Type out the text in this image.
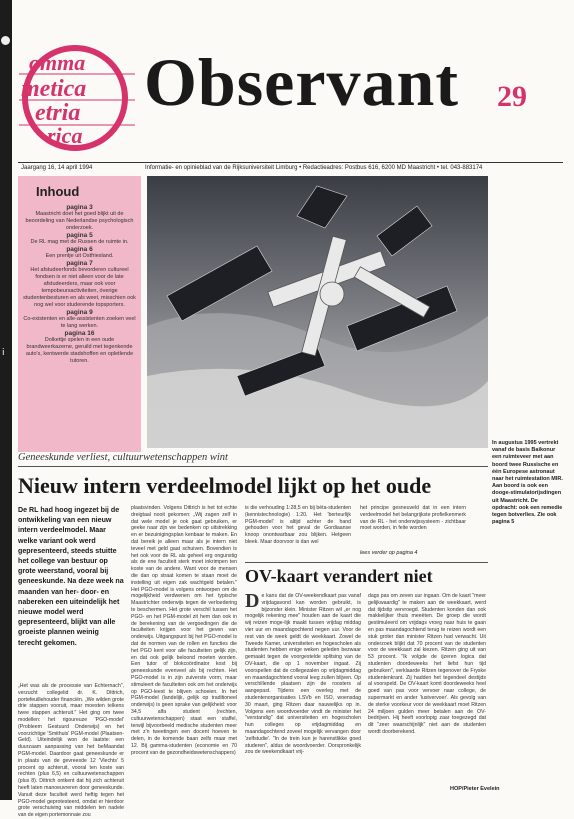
i
omma
metica
etria
rica
Observant 29
Jaargang 16, 14 april 1994	Informatie- en opinieblad van de Rijksuniversiteit Limburg • Redactieadres: Postbus 616, 6200 MD Maastricht • tel. 043-883174
Inhoud
pagina 3
Maastricht doet het goed blijkt uit de beoordeling van Nederlandse psychologisch onderzoek.
pagina 5
De RL mag met de Russen de ruimte in.
pagina 6
Een prentje uit Ostfriesland.
pagina 7
Het afstudeerfonds bevorderen cultureel fondsen is er niet alleen voor de late afstudeerders, maar ook voor tempobeursactiviteiten, óverige studentenbesturen en als weet, misschien ook nog wel voor studerende topsporters.
pagina 9
Co-existenten en alle-assistenten zoeken veel te lang werken.
pagina 16
Dolkettje spelen in een oude brandweerkazerne, geruild met tegenkende auto's, kentwerde stadshoffen en opletlende tutoren.
In augustus 1995 vertrekt vanaf de basis Baikonur een ruimteveer met aan boord twee Russische en één Europese astronaut naar het ruimtestation MIR. Aan boord is ook een dooge-stimulatorijsdingen uit Maastricht. De opdracht: ook een remedie tegen botverlies. Zie ook pagina 5
Geneeskunde verliest, cultuurwetenschappen wint
Nieuw intern verdeelmodel lijkt op het oude
De RL had hoog ingezet bij de ontwikkeling van een nieuw intern verdeelmodel. Maar welke variant ook werd gepresenteerd, steeds stuitte het college van bestuur op grote weerstand, vooral bij geneeskunde. Na deze week na maanden van her- door- en nabereken een uiteindelijk het nieuwe model werd gepresenteerd, blijkt van alle groeiste plannen weinig terecht gekomen.
„Het was als de processie van Echternach", verzucht collegelid dr. K. Dittrich, portefeuillehouder financiën. „We wilden grote drie stappen vooruit, maar moesten telkens twee stappen achteruit." Het ging om twee modellen: het rigoureuze 'PGO-model' (Probleem Gestuurd Onderwijs) en het voorzichtige 'Smithuis' PGM-model (Plaatsen-Geld). Uiteindelijk won de laatste: een duurzaam aanpassing van het beMaandat PGM-model. Daardoor gaat geneeskunde er in plaats van de gevreesde 12 'Vlechts' 5 procent op achteruit, vooral ten koste van rechten (plus 6,5) en cultuurwetenschappen (plus 8). Dittrich ontkent dat hij zich achteruit heeft laten manoeuvreren door geneeskunde. Vanuit deze faculteit werd heftig tegen het PGO-model geprotesteerd, omdat er hierdoor grote verschuiving van middelen ten nadele van de eigen portemonnaie zou
plaatsvinden. Volgens Dittrich is het tot echte dreigtaal nooit gekomen: „Wij zagen zelf in dat wele model je ook gaat gebruiken, er geeke naar zijn we bedenken op uitstrekking en er bezuinigingsplan kenbaar te maken. En dat bereik je alleen maar als je intern niet teveel met geld gaat schuiven. Bovendien is het ook voor de RL als geheel erg ongunstig als de ene faculteit sterk moet inkrimpen ten koste van de andere. Want voor de mensen die dan op straat komen te staan moet de instelling uit eigen zak wachtgeld betalen." Het PGO-model is volgens ontworpen om de mogelijkheid verdwenen om het typische Maastrichter onderwijs tegen de verloedering te beschermen. Het grote verschil tussen het PGO- en het PGM-model zit hem dan ook in de berekening van de vergoedingen die de faculteiten krijgen voor het geven van onderwijs. Uitgangspunt bij het PGO-model is dat de normen van de rollen en functies die het PGO kent voor alle faculteiten gelijk zijn, en dat ook gelijk beloond moeten worden. Een tutor of blokcoördinator kost bij geneeskunde evenveel als bij rechten. Het PGO-model is in zijn zuiverste vorm, maar stimuleert de faculteiten ook om het onderwijs op PGO-leest te blijven schoeien. In het PGM-model (landelijk, gelijk op traditioneel onderwijs) is geen sprake van gelijkheid: voor 34,5 alfa student (rechten, cultuurwetenschappen) staat een staffel, terwijl bijvoorbeeld medische studenten meer met z'n tweetingen een docent hoeven te delen, in de komende baan zelfs maar met 12. Bij gamma-studenten (economie en 70 procent van de gezondheidswetenschappers)
is die verhouding 1:28,5 en bij bèta-studenten (kennistechnologie) 1:20. Het 'berteurlijk PGM-model' is altijd achter de hand gehouden voor het geval de Gordiaanse knoop onontwarbaar zou blijken. Hetgeen bleek. Maar doorvoor is dan wel
het principe gesneuveld dat in een intern verdeelmodel het belangrijkste profielkenmerk van de RL - het onderwijssysteem - zichtbaar moet worden, in feite worden
lees verder op pagina 4
OV-kaart verandert niet
De kans dat de OV-weekendkaart pas vanaf vrijdagavond kan worden gebruikt, is bijzonder klein. Minister Ritzen wil „er nog mogelijk rekening mee" houden aan de kaart die wij reizen moge-lijk maakt tussen vrijdag middag vier uur en maandagochtend negen uur. Voor de rest van de week geldt de weekkaart. Zowel de Tweede Kamer, universiteiten en hogescholen als studenten hebben enige weken geleden bezwaar gemaakt tegen de voorgestelde splitsing van de OV-kaart, die op 1 november ingaat. Zij voorspellen dat de collegezalen op vrijdagmiddag en maandagochtend vooral leeg zullen blijven. Op verschillende plaatsen zijn de roosters al aangepast. Tijdens een overleg met de studentenorganisaties LSVb en ISO, woensdag 30 maart, ging Ritzen daar nauwelijks op in. Volgens een woordvoerder vindt de minister het "verstandig" dat universiteiten en hogescholen hun colleges op vrijdagmiddag en maandagochtend zoveel mogelijk vervangen door 'zelfstudie'. "In de trein kun je harenstlikke goed studeren", aldus de woordvoerder. Oorspronkelijk zou de weekendkaart vrij-
dags pas om zeven uur ingaan. Om de kaart "meer gelijkwaardig" te maken aan de weekkaart, werd dat tijdstip vervroegd. Studenten konden dan ook makkelijker thuis meeëten. De groep die wordt gestimuleerd om vrijdags vroeg naar huis te gaan en pas maandagochtend terug te reizen wordt een stuk groter dan minister Ritzen had verwacht. Uit onderzoek blijkt dat 70 procent van de studenten voor de weekkaart zal kiezen. Ritzen ging uit van 53 procent. "Ik volgde de ijzeren logica dat studenten doordeweeks het liefst hun tijd gebruiken", verklaarde Ritzen tegenover de Fryske studentenkrant. Zij hadden het tegendeel destijds al voorspeld. De OV-kaart komt doordeweeks heel goed van pas voor vervoer naar college, de supermarkt en ander 'lustvervoer'. Als gevolg van de sterke voorkeur voor de weekkaart moet Ritzen 24 miljoen gulden meer betalen aan de OV-bedrijven. Hij heeft voorlopig zaar toegezegd dat dit "zeer waarschijnlijk" niet aan de studenten wordt doorberekend.
HOP/Pieter Evelein
